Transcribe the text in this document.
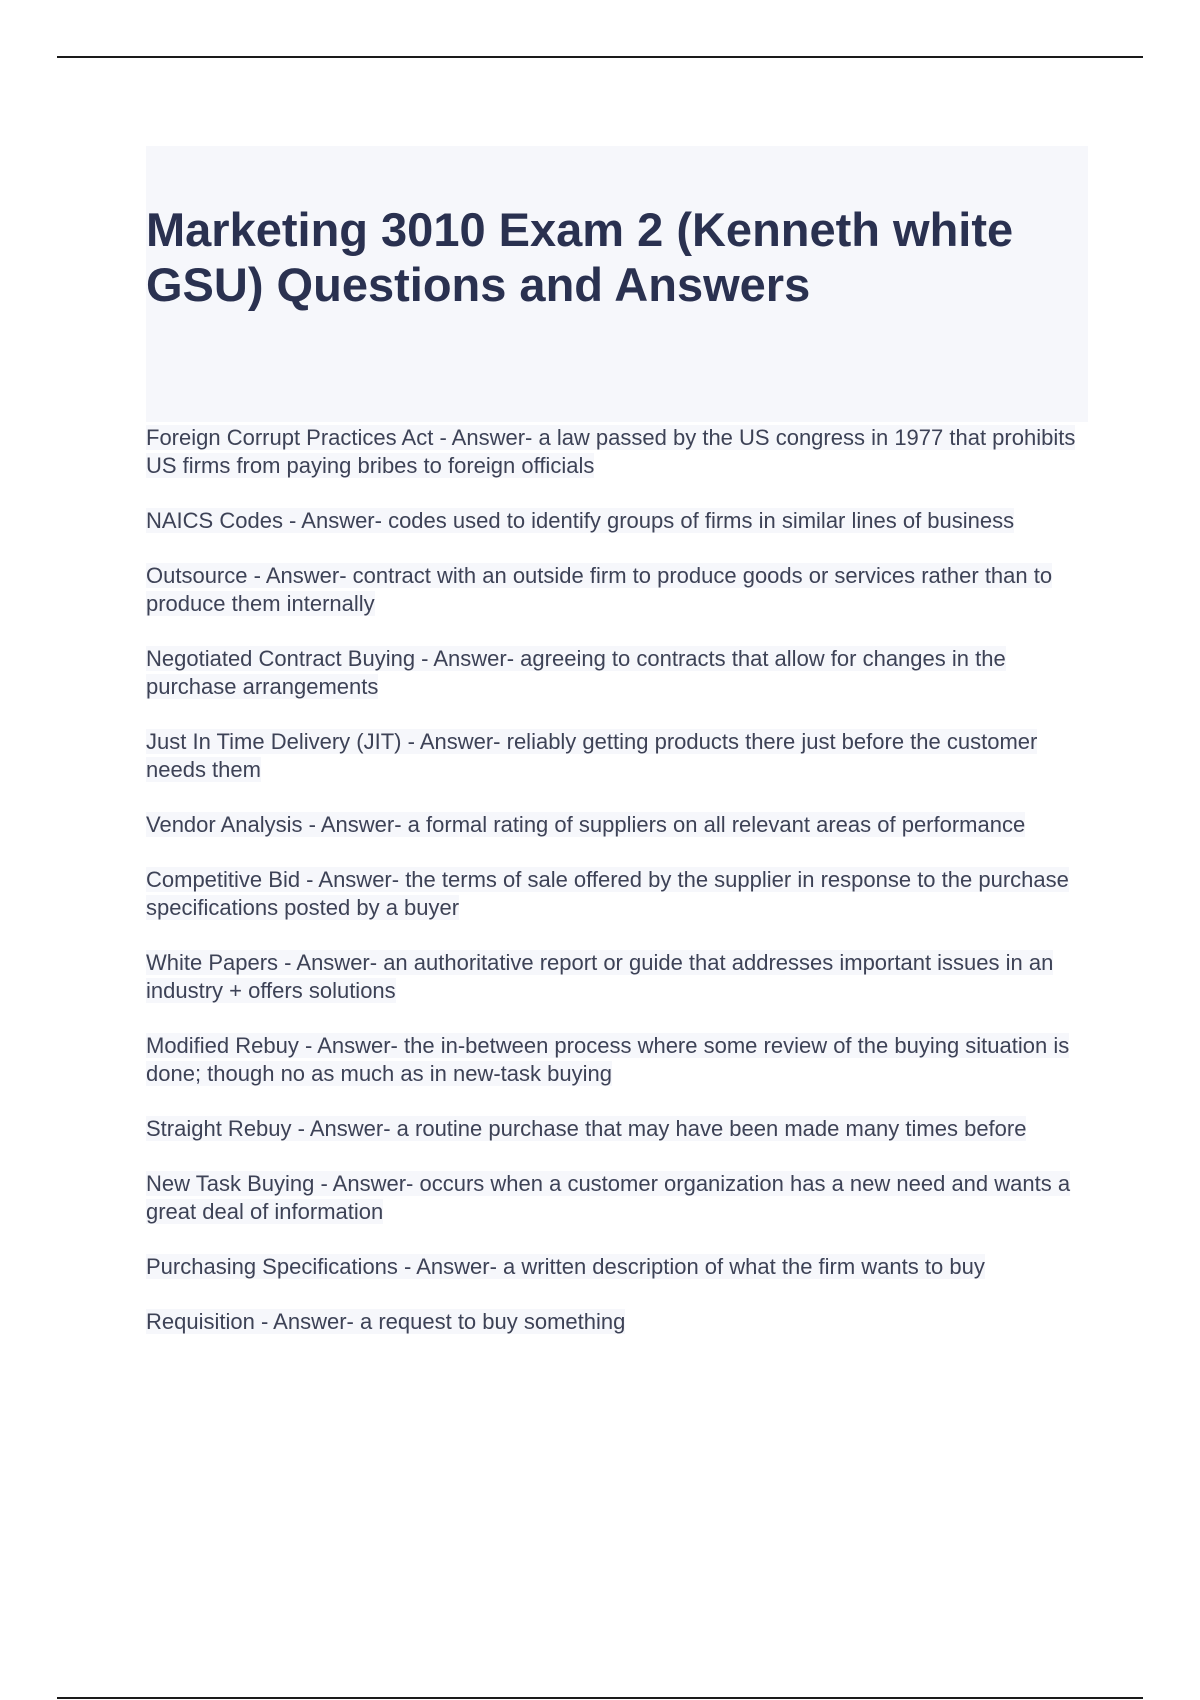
Marketing 3010 Exam 2 (Kenneth white GSU) Questions and Answers

Foreign Corrupt Practices Act - Answer- a law passed by the US congress in 1977 that prohibits US firms from paying bribes to foreign officials

NAICS Codes - Answer- codes used to identify groups of firms in similar lines of business

Outsource - Answer- contract with an outside firm to produce goods or services rather than to produce them internally

Negotiated Contract Buying - Answer- agreeing to contracts that allow for changes in the purchase arrangements

Just In Time Delivery (JIT) - Answer- reliably getting products there just before the customer needs them

Vendor Analysis - Answer- a formal rating of suppliers on all relevant areas of performance

Competitive Bid - Answer- the terms of sale offered by the supplier in response to the purchase specifications posted by a buyer

White Papers - Answer- an authoritative report or guide that addresses important issues in an industry + offers solutions

Modified Rebuy - Answer- the in-between process where some review of the buying situation is done; though no as much as in new-task buying

Straight Rebuy - Answer- a routine purchase that may have been made many times before

New Task Buying - Answer- occurs when a customer organization has a new need and wants a great deal of information

Purchasing Specifications - Answer- a written description of what the firm wants to buy

Requisition - Answer- a request to buy something
